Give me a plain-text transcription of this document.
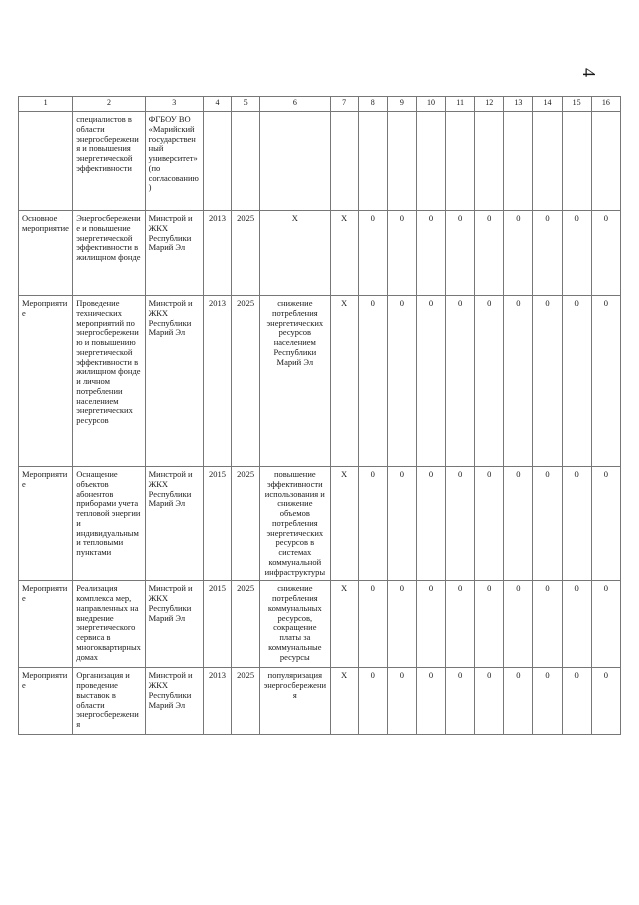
4
1	2	3	4	5	6	7	8	9	10	11	12	13	14	15	16
	специалистов в области энергосбережения и повышения энергетической эффективности	ФГБОУ ВО «Марийский государственный университет» (по согласованию)													
Основное мероприятие	Энергосбережение и повышение энергетической эффективности в жилищном фонде	Минстрой и ЖКХ Республики Марий Эл	2013	2025	Х	Х	0	0	0	0	0	0	0	0	0
Мероприятие	Проведение технических мероприятий по энергосбережению и повышению энергетической эффективности в жилищном фонде и личном потреблении населением энергетических ресурсов	Минстрой и ЖКХ Республики Марий Эл	2013	2025	снижение потребления энергетических ресурсов населением Республики Марий Эл	Х	0	0	0	0	0	0	0	0	0
Мероприятие	Оснащение объектов абонентов приборами учета тепловой энергии и индивидуальными тепловыми пунктами	Минстрой и ЖКХ Республики Марий Эл	2015	2025	повышение эффективности использования и снижение объемов потребления энергетических ресурсов в системах коммунальной инфраструктуры	Х	0	0	0	0	0	0	0	0	0
Мероприятие	Реализация комплекса мер, направленных на внедрение энергетического сервиса в многоквартирных домах	Минстрой и ЖКХ Республики Марий Эл	2015	2025	снижение потребления коммунальных ресурсов, сокращение платы за коммунальные ресурсы	Х	0	0	0	0	0	0	0	0	0
Мероприятие	Организация и проведение выставок в области энергосбережения	Минстрой и ЖКХ Республики Марий Эл	2013	2025	популяризация энергосбережения	Х	0	0	0	0	0	0	0	0	0
